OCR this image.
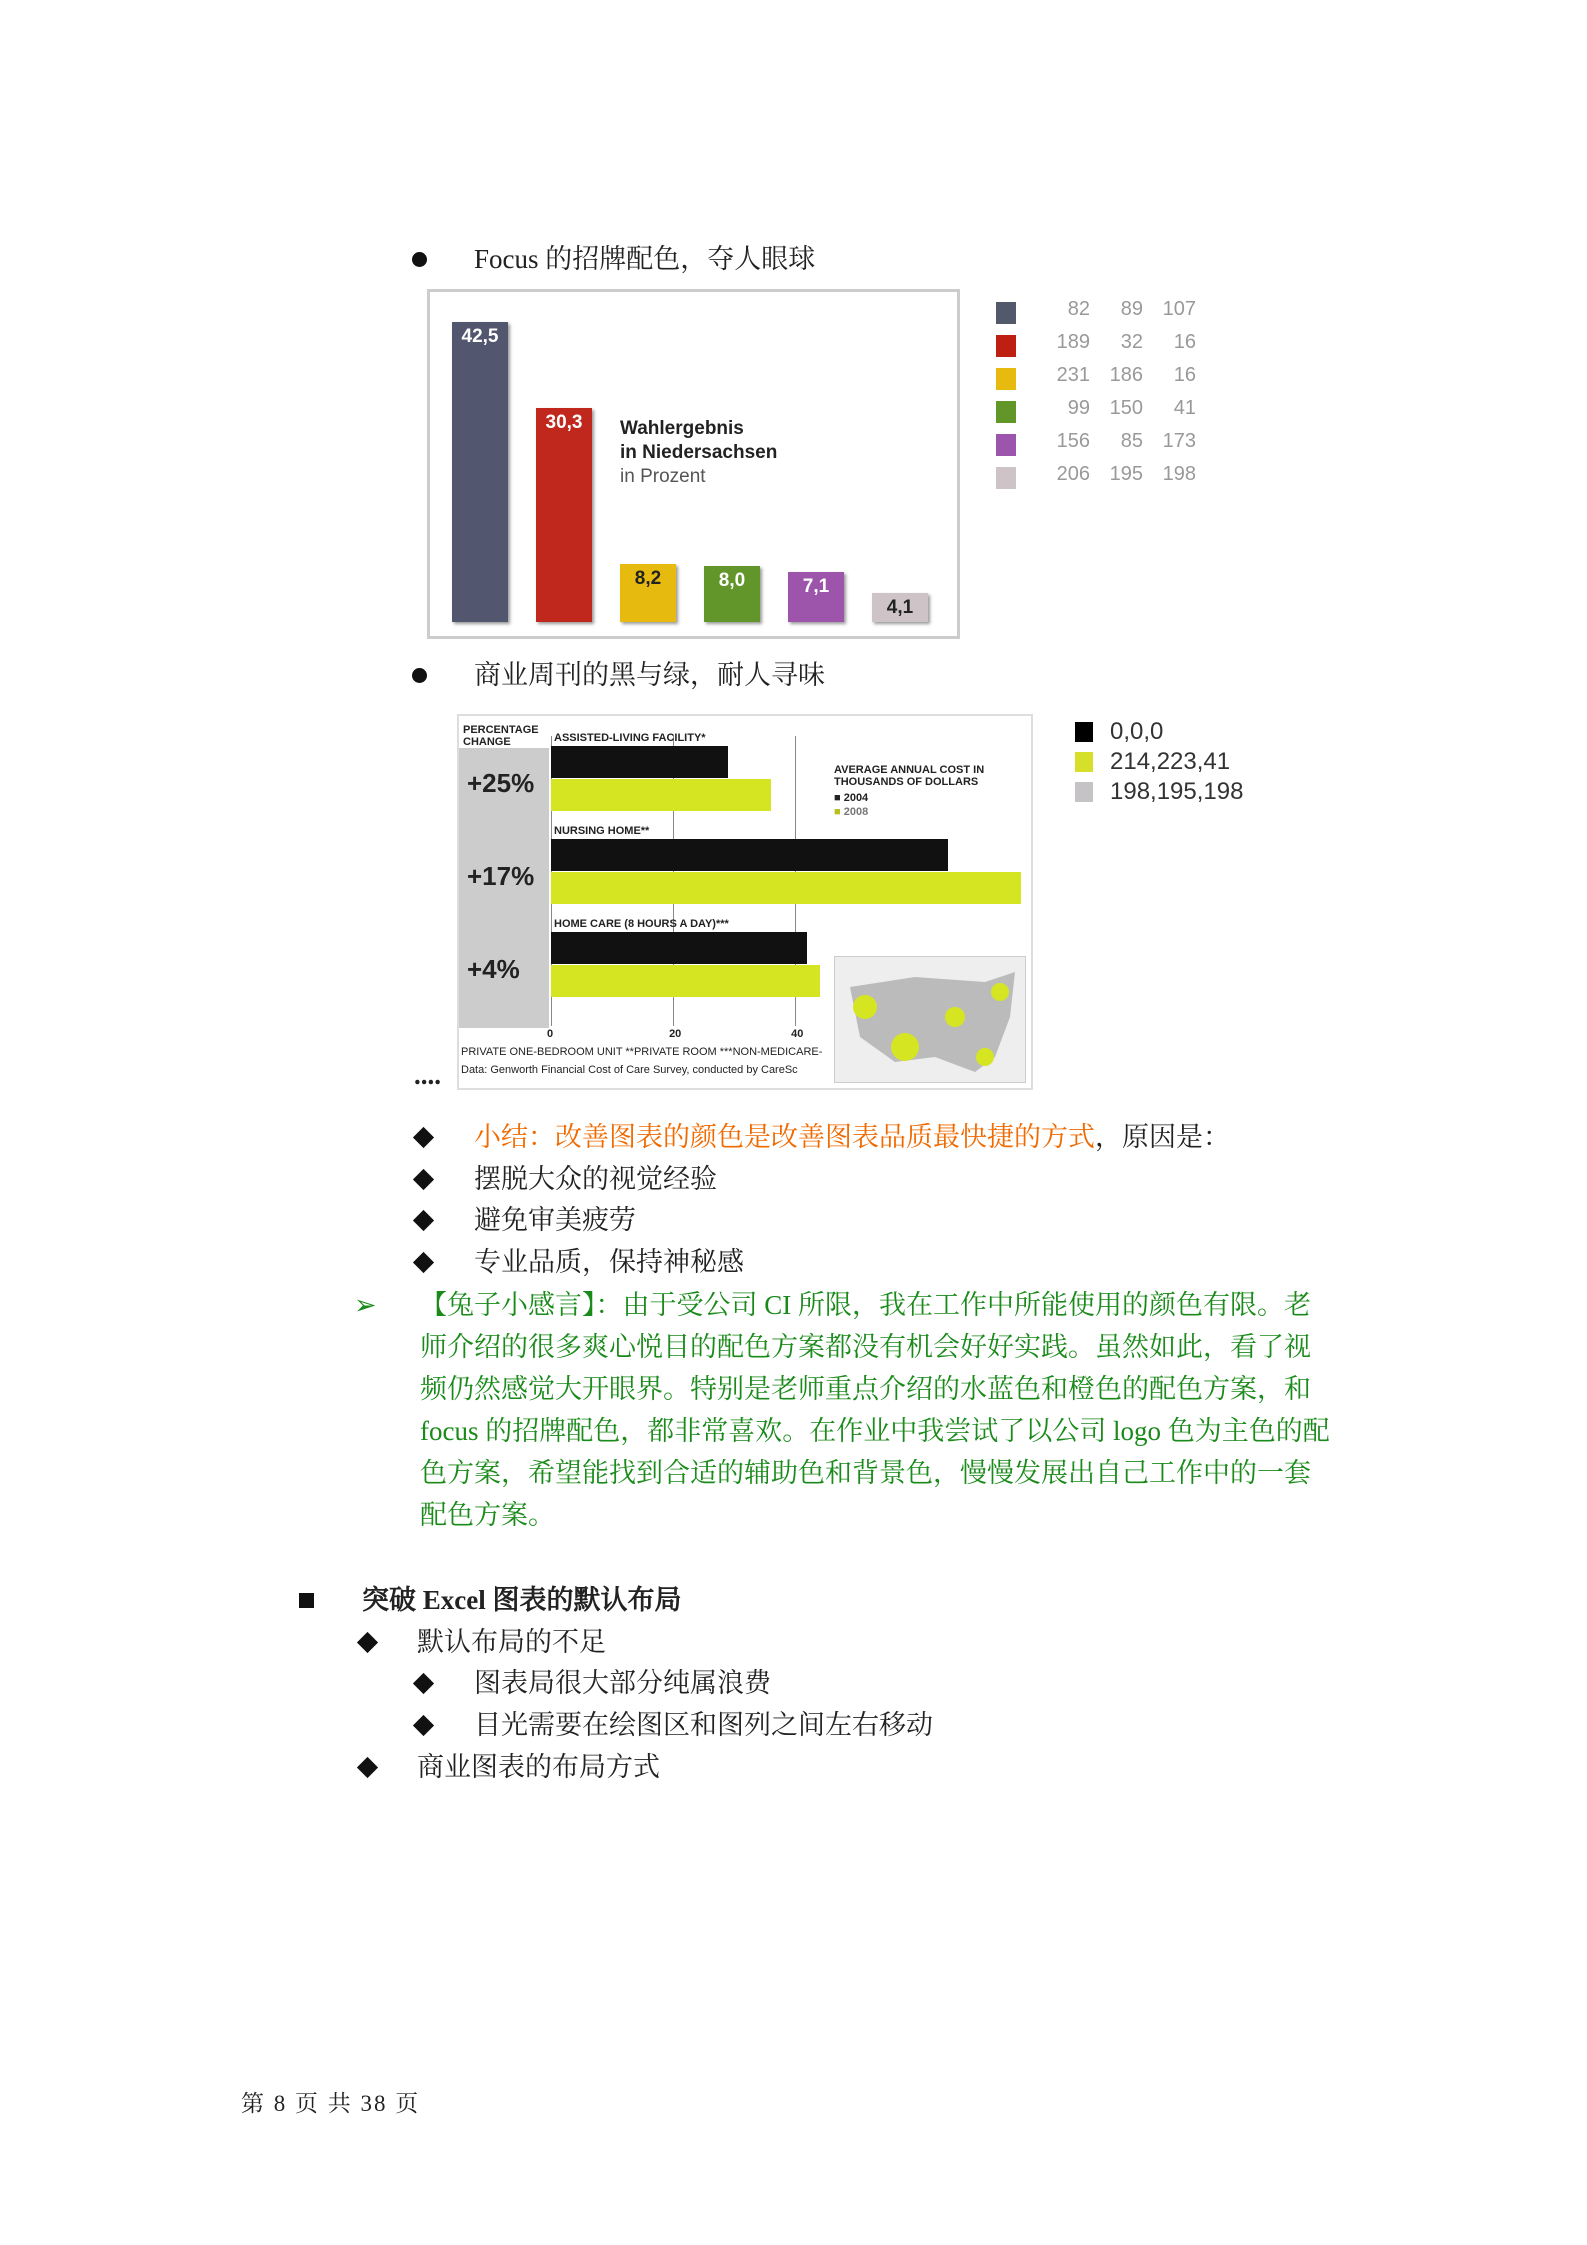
Focus 的招牌配色，夺人眼球
42,5
30,3
8,2	8,0	7,1
4,1
Wahlergebnis
in Niedersachsen
in Prozent
82	89 107
189	32	16
231 186	16
99 150	41
156	85 173
206 195 198
商业周刊的黑与绿，耐人寻味
PERCENTAGE
CHANGE
0	20	40
ASSISTED-LIVING FACILITY*
+25%
NURSING HOME**
+17%
HOME CARE (8 HOURS A DAY)***
+4%
AVERAGE ANNUAL COST IN THOUSANDS OF DOLLARS
■ 2004
■ 2008
PRIVATE ONE-BEDROOM UNIT **PRIVATE ROOM ***NON-MEDICARE-
Data: Genworth Financial Cost of Care Survey, conducted by CareSc
....
0,0,0
214,223,41
198,195,198
小结：改善图表的颜色是改善图表品质最快捷的方式，原因是：
摆脱大众的视觉经验
避免审美疲劳
专业品质，保持神秘感
➢ 【兔子小感言】：由于受公司 CI 所限，我在工作中所能使用的颜色有限。老
师介绍的很多爽心悦目的配色方案都没有机会好好实践。虽然如此，看了视
频仍然感觉大开眼界。特别是老师重点介绍的水蓝色和橙色的配色方案，和
focus 的招牌配色，都非常喜欢。在作业中我尝试了以公司 logo 色为主色的配
色方案，希望能找到合适的辅助色和背景色，慢慢发展出自己工作中的一套
配色方案。
突破 Excel 图表的默认布局
默认布局的不足
图表局很大部分纯属浪费
目光需要在绘图区和图列之间左右移动
商业图表的布局方式
第 8 页 共 38 页
